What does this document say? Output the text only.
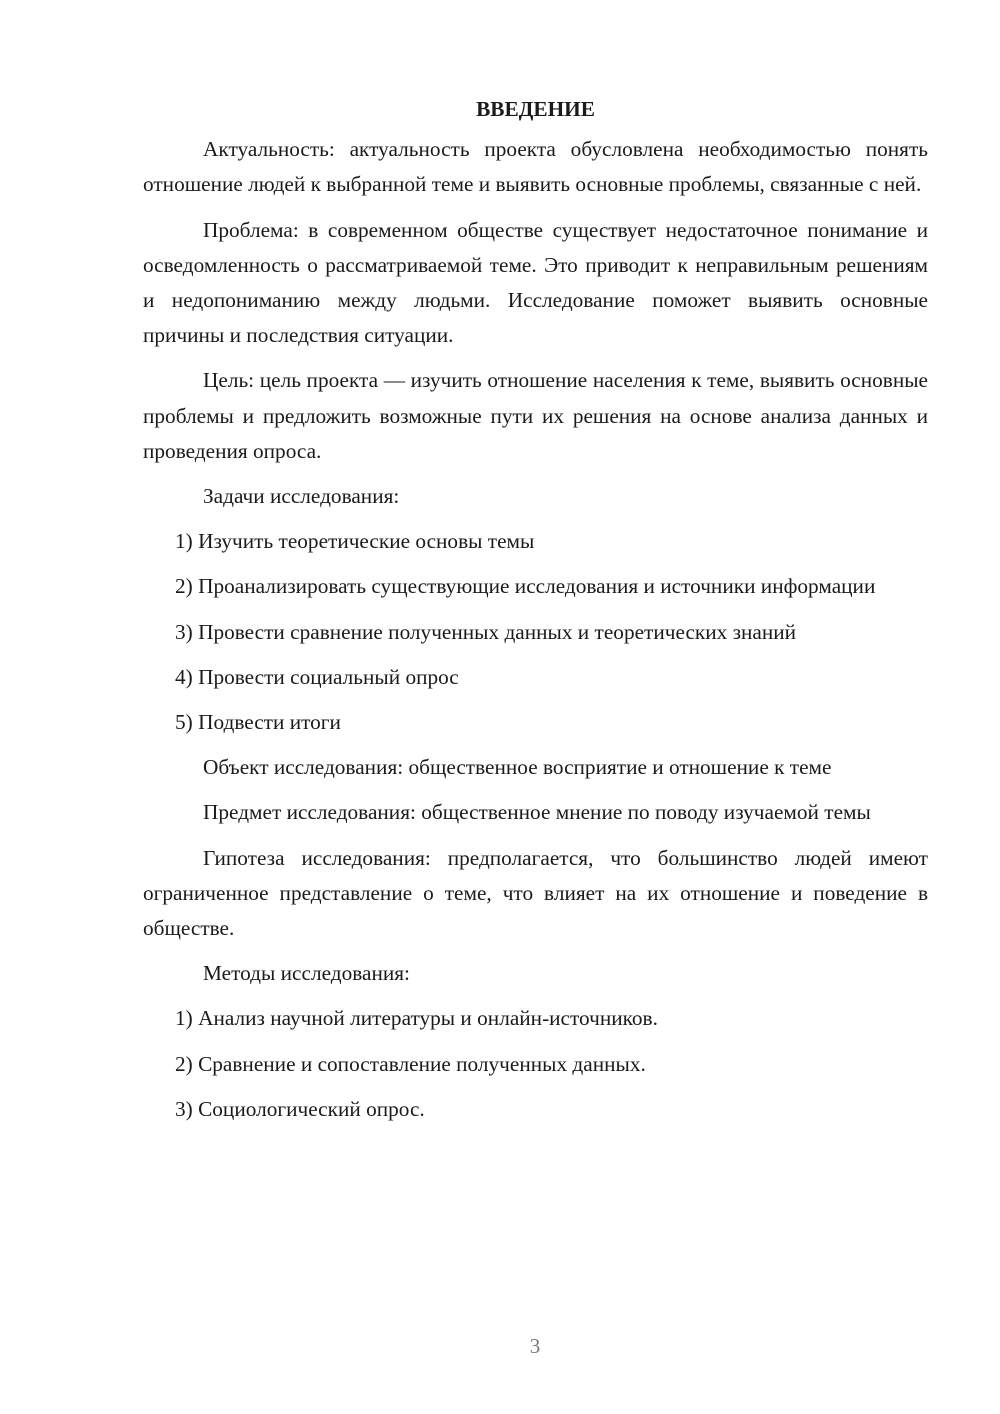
ВВЕДЕНИЕ

Актуальность: актуальность проекта обусловлена необходимостью понять отношение людей к выбранной теме и выявить основные проблемы, связанные с ней.

Проблема: в современном обществе существует недостаточное понимание и осведомленность о рассматриваемой теме. Это приводит к неправильным решениям и недопониманию между людьми. Исследование поможет выявить основные причины и последствия ситуации.

Цель: цель проекта — изучить отношение населения к теме, выявить основные проблемы и предложить возможные пути их решения на основе анализа данных и проведения опроса.

Задачи исследования:

1) Изучить теоретические основы темы

2) Проанализировать существующие исследования и источники информации

3) Провести сравнение полученных данных и теоретических знаний

4) Провести социальный опрос

5) Подвести итоги

Объект исследования: общественное восприятие и отношение к теме

Предмет исследования: общественное мнение по поводу изучаемой темы

Гипотеза исследования: предполагается, что большинство людей имеют ограниченное представление о теме, что влияет на их отношение и поведение в обществе.

Методы исследования:

1) Анализ научной литературы и онлайн-источников.

2) Сравнение и сопоставление полученных данных.

3) Социологический опрос.

3
